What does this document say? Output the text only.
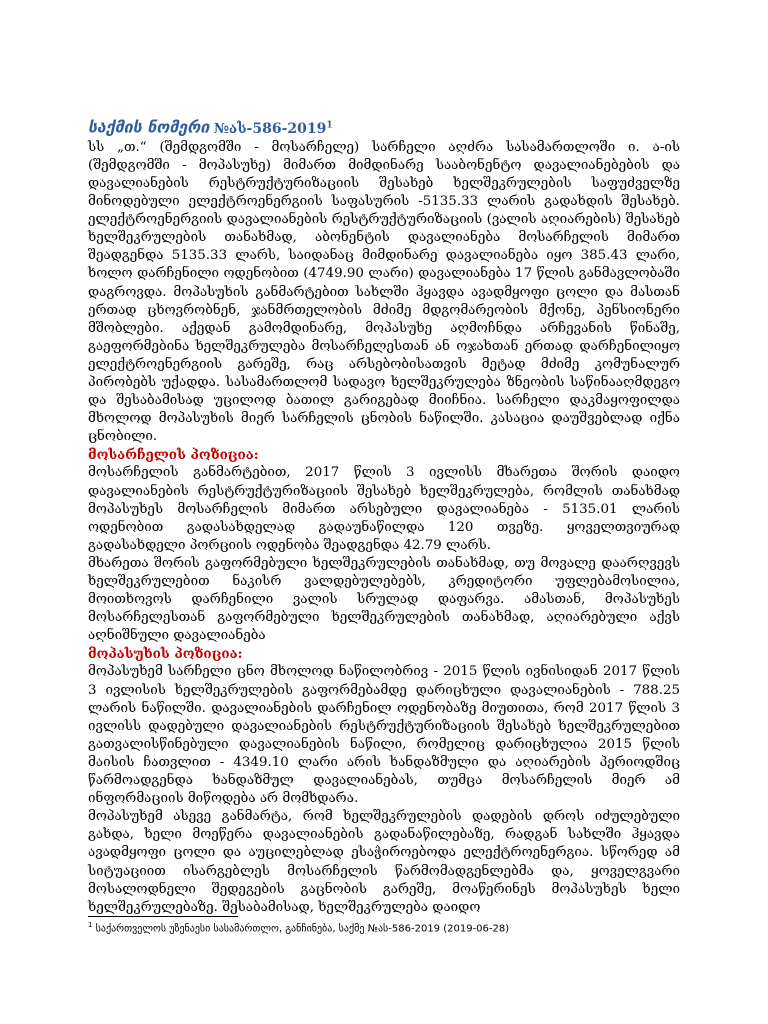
საქმის ნომერი №ას-586-2019$^1$

სს „თ.“ (შემდგომში - მოსარჩელე) სარჩელი აღძრა სასამართლოში ი. ა-ის (შემდგომში - მოპასუხე) მიმართ მიმდინარე სააბონენტო დავალიანებების და დავალიანების რესტრუქტურიზაციის შესახებ ხელშეკრულების საფუძველზე მინოდებული ელექტროენერგიის საფასურის -5135.33 ლარის გადახდის შესახებ. ელექტროენერგიის დავალიანების რესტრუქტურიზაციის (ვალის აღიარების) შესახებ ხელშეკრულების თანახმად, აბონენტის დავალიანება მოსარჩელის მიმართ შეადგენდა 5135.33 ლარს, საიდანაც მიმდინარე დავალიანება იყო 385.43 ლარი, ხოლო დარჩენილი ოდენობით (4749.90 ლარი) დავალიანება 17 წლის განმავლობაში დაგროვდა. მოპასუხის განმარტებით სახლში ჰყავდა ავადმყოფი ცოლი და მასთან ერთად ცხოვრობნენ, ჯანმრთელობის მძიმე მდგომარეობის მქონე, პენსიონერი მშობლები. აქედან გამომდინარე, მოპასუხე აღმოჩნდა არჩევანის წინაშე, გაეფორმებინა ხელშეკრულება მოსარჩელესთან ან ოჯახთან ერთად დარჩენილიყო ელექტროენერგიის გარეშე, რაც არსებობისათვის მეტად მძიმე კომუნალურ პირობებს უქადდა. სასამართლომ სადავო ხელშეკრულება ზნეობის საწინააღმდეგო და შესაბამისად უცილოდ ბათილ გარიგებად მიიჩნია. სარჩელი დაკმაყოფილდა მხოლოდ მოპასუხის მიერ სარჩელის ცნობის ნაწილში. კასაცია დაუშვებლად იქნა ცნობილი.

მოსარჩელის პოზიცია:

მოსარჩელის განმარტებით, 2017 წლის 3 ივლისს მხარეთა შორის დაიდო დავალიანების რესტრუქტურიზაციის შესახებ ხელშეკრულება, რომლის თანახმად მოპასუხეს მოსარჩელის მიმართ არსებული დავალიანება - 5135.01 ლარის ოდენობით გადასახდელად გადაუნაწილდა 120 თვეზე. ყოველთვიურად გადასახდელი პორციის ოდენობა შეადგენდა 42.79 ლარს.

მხარეთა შორის გაფორმებული ხელშეკრულების თანახმად, თუ მოვალე დაარღვევს ხელშეკრულებით ნაკისრ ვალდებულებებს, კრედიტორი უფლებამოსილია, მოითხოვოს დარჩენილი ვალის სრულად დაფარვა. ამასთან, მოპასუხეს მოსარჩელესთან გაფორმებული ხელშეკრულების თანახმად, აღიარებული აქვს აღნიშნული დავალიანება

მოპასუხის პოზიცია:

მოპასუხემ სარჩელი ცნო მხოლოდ ნაწილობრივ - 2015 წლის ივნისიდან 2017 წლის 3 ივლისის ხელშეკრულების გაფორმებამდე დარიცხული დავალიანების - 788.25 ლარის ნაწილში. დავალიანების დარჩენილ ოდენობაზე მიუთითა, რომ 2017 წლის 3 ივლისს დადებული დავალიანების რესტრუქტურიზაციის შესახებ ხელშეკრულებით გათვალისწინებული დავალიანების ნაწილი, რომელიც დარიცხულია 2015 წლის მაისის ჩათვლით - 4349.10 ლარი არის ხანდაზმული და აღიარების პერიოდშიც წარმოადგენდა ხანდაზმულ დავალიანებას, თუმცა მოსარჩელის მიერ ამ ინფორმაციის მიწოდება არ მომხდარა.

მოპასუხემ ასევე განმარტა, რომ ხელშეკრულების დადების დროს იძულებული გახდა, ხელი მოეწერა დავალიანების გადანაწილებაზე, რადგან სახლში ჰყავდა ავადმყოფი ცოლი და აუცილებლად ესაჭიროებოდა ელექტროენერგია. სწორედ ამ სიტუაციით ისარგებლეს მოსარჩელის წარმომადგენლებმა და, ყოველგვარი მოსალოდნელი შედეგების გაცნობის გარეშე, მოაწერინეს მოპასუხეს ხელი ხელშეკრულებაზე. შესაბამისად, ხელშეკრულება დაიდო

$^1$ საქართველოს უზენაესი სასამართლო, განჩინება, საქმე №ას-586-2019 (2019-06-28)
